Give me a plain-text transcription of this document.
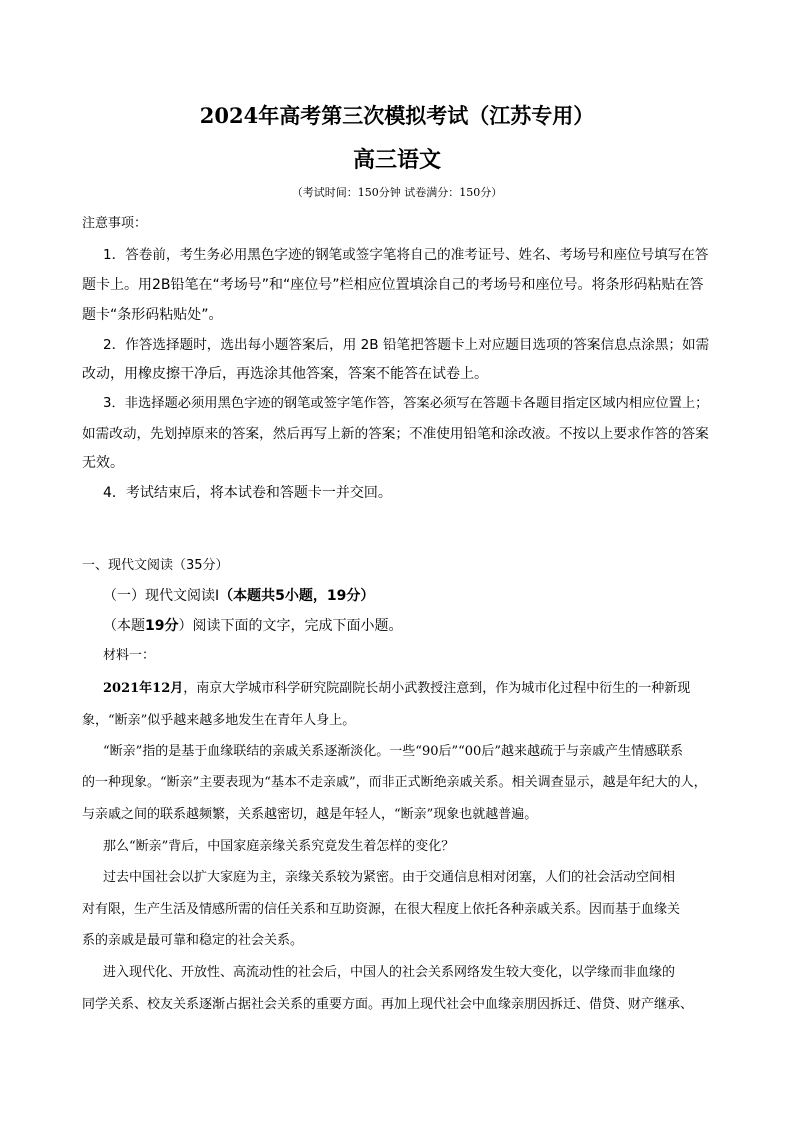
2024年高考第三次模拟考试（江苏专用）
高三语文
（考试时间：150分钟 试卷满分：150分）
注意事项：
1．答卷前，考生务必用黑色字迹的钢笔或签字笔将自己的准考证号、姓名、考场号和座位号填写在答
题卡上。用2B铅笔在“考场号”和“座位号”栏相应位置填涂自己的考场号和座位号。将条形码粘贴在答
题卡“条形码粘贴处”。
2．作答选择题时，选出每小题答案后，用 2B 铅笔把答题卡上对应题目选项的答案信息点涂黑；如需
改动，用橡皮擦干净后，再选涂其他答案，答案不能答在试卷上。
3．非选择题必须用黑色字迹的钢笔或签字笔作答，答案必须写在答题卡各题目指定区域内相应位置上；
如需改动，先划掉原来的答案，然后再写上新的答案；不准使用铅笔和涂改液。不按以上要求作答的答案
无效。
4．考试结束后，将本试卷和答题卡一并交回。
一、现代文阅读（35分）
（一）现代文阅读Ⅰ（本题共5小题，19分）
（本题19分）阅读下面的文字，完成下面小题。
材料一：
2021年12月，南京大学城市科学研究院副院长胡小武教授注意到，作为城市化过程中衍生的一种新现
象，“断亲”似乎越来越多地发生在青年人身上。
“断亲”指的是基于血缘联结的亲戚关系逐渐淡化。一些“90后”“00后”越来越疏于与亲戚产生情感联系
的一种现象。“断亲”主要表现为“基本不走亲戚”，而非正式断绝亲戚关系。相关调查显示，越是年纪大的人，
与亲戚之间的联系越频繁，关系越密切，越是年轻人，“断亲”现象也就越普遍。
那么“断亲”背后，中国家庭亲缘关系究竟发生着怎样的变化？
过去中国社会以扩大家庭为主，亲缘关系较为紧密。由于交通信息相对闭塞，人们的社会活动空间相
对有限，生产生活及情感所需的信任关系和互助资源，在很大程度上依托各种亲戚关系。因而基于血缘关
系的亲戚是最可靠和稳定的社会关系。
进入现代化、开放性、高流动性的社会后，中国人的社会关系网络发生较大变化，以学缘而非血缘的
同学关系、校友关系逐渐占据社会关系的重要方面。再加上现代社会中血缘亲朋因拆迁、借贷、财产继承、
